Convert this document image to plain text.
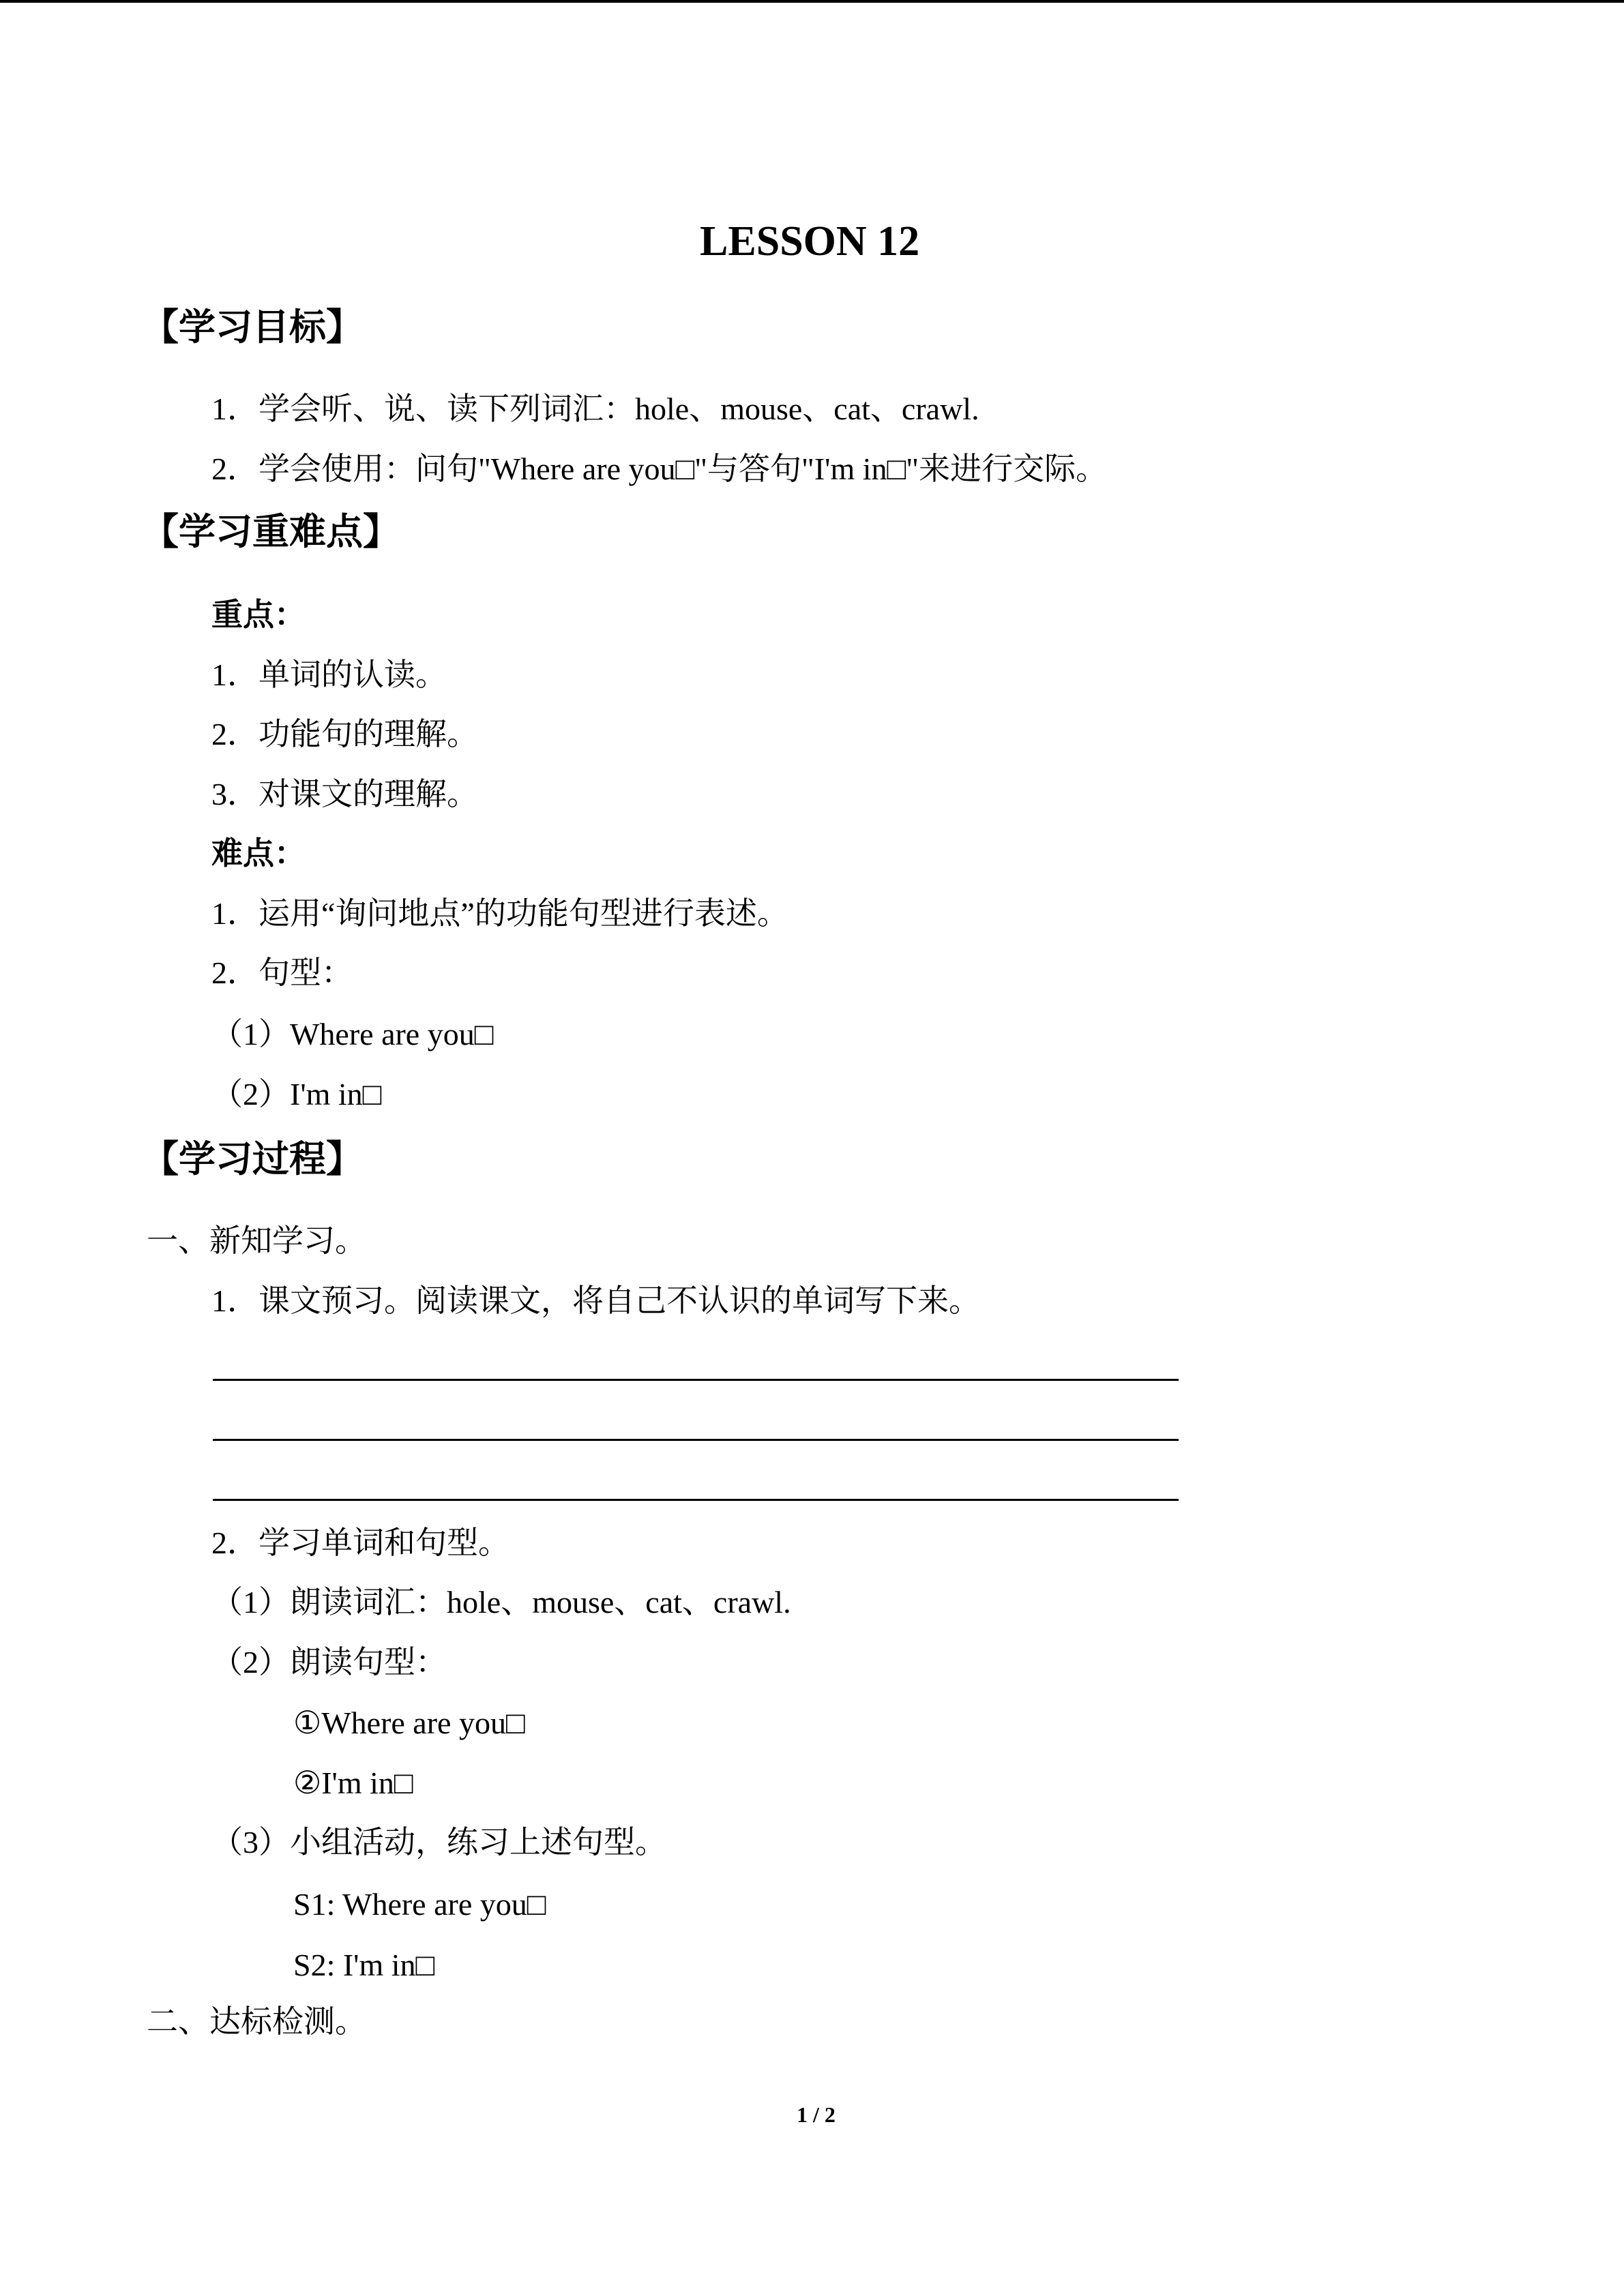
LESSON 12
【学习目标】
1．学会听、说、读下列词汇：hole、mouse、cat、crawl.
2．学会使用：问句"Where are you□"与答句"I'm in□"来进行交际。
【学习重难点】
重点：
1．单词的认读。
2．功能句的理解。
3．对课文的理解。
难点：
1．运用“询问地点”的功能句型进行表述。
2．句型：
（1）Where are you□
（2）I'm in□
【学习过程】
一、新知学习。
1．课文预习。阅读课文，将自己不认识的单词写下来。
2．学习单词和句型。
（1）朗读词汇：hole、mouse、cat、crawl.
（2）朗读句型：
①Where are you□
②I'm in□
（3）小组活动，练习上述句型。
S1: Where are you□
S2: I'm in□
二、达标检测。
1 / 2
